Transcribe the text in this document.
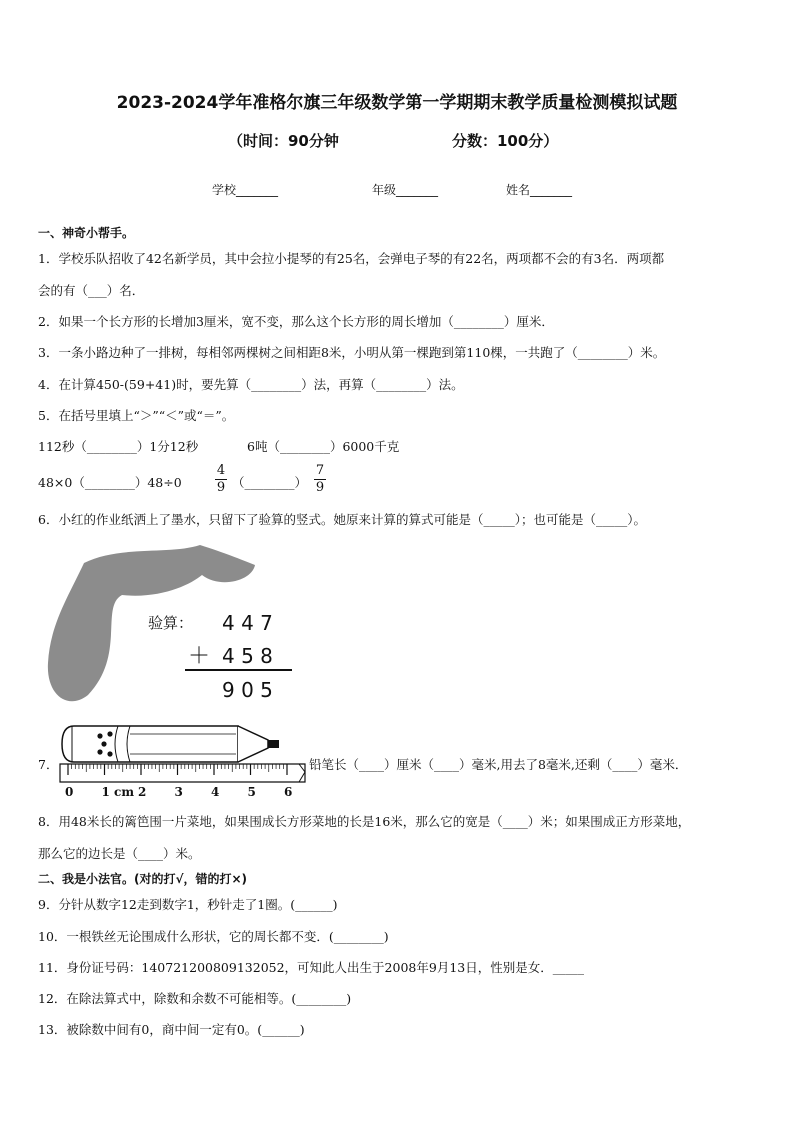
2023-2024学年准格尔旗三年级数学第一学期期末教学质量检测模拟试题
（时间：90分钟	分数：100分）
学校_______	年级_______	姓名_______
一、神奇小帮手。
1．学校乐队招收了42名新学员，其中会拉小提琴的有25名，会弹电子琴的有22名，两项都不会的有3名．两项都
会的有（___）名．
2．如果一个长方形的长增加3厘米，宽不变，那么这个长方形的周长增加（________）厘米．
3．一条小路边种了一排树，每相邻两棵树之间相距8米，小明从第一棵跑到第110棵，一共跑了（________）米。
4．在计算450-(59+41)时，要先算（________）法，再算（________）法。
5．在括号里填上“＞”“＜”或“＝”。
112秒（________）1分12秒	6吨（________）6000千克
48×0（________）48÷0
4
9 （________）
7
9
6．小红的作业纸洒上了墨水，只留下了验算的竖式。她原来计算的算式可能是（_____）；也可能是（_____）。
验算： 4 4 7
＋ 4 5 8
9 0 5
7．
0 1 cm 2 3 4 5 6
铅笔长（____）厘米（____）毫米,用去了8毫米,还剩（____）毫米．
8．用48米长的篱笆围一片菜地，如果围成长方形菜地的长是16米，那么它的宽是（____）米；如果围成正方形菜地，
那么它的边长是（____）米。
二、我是小法官。(对的打√，错的打×)
9．分针从数字12走到数字1，秒针走了1圈。(______)
10．一根铁丝无论围成什么形状，它的周长都不变．(________)
11．身份证号码：140721200809132052，可知此人出生于2008年9月13日，性别是女．_____
12．在除法算式中，除数和余数不可能相等。(________)
13．被除数中间有0，商中间一定有0。(______)
